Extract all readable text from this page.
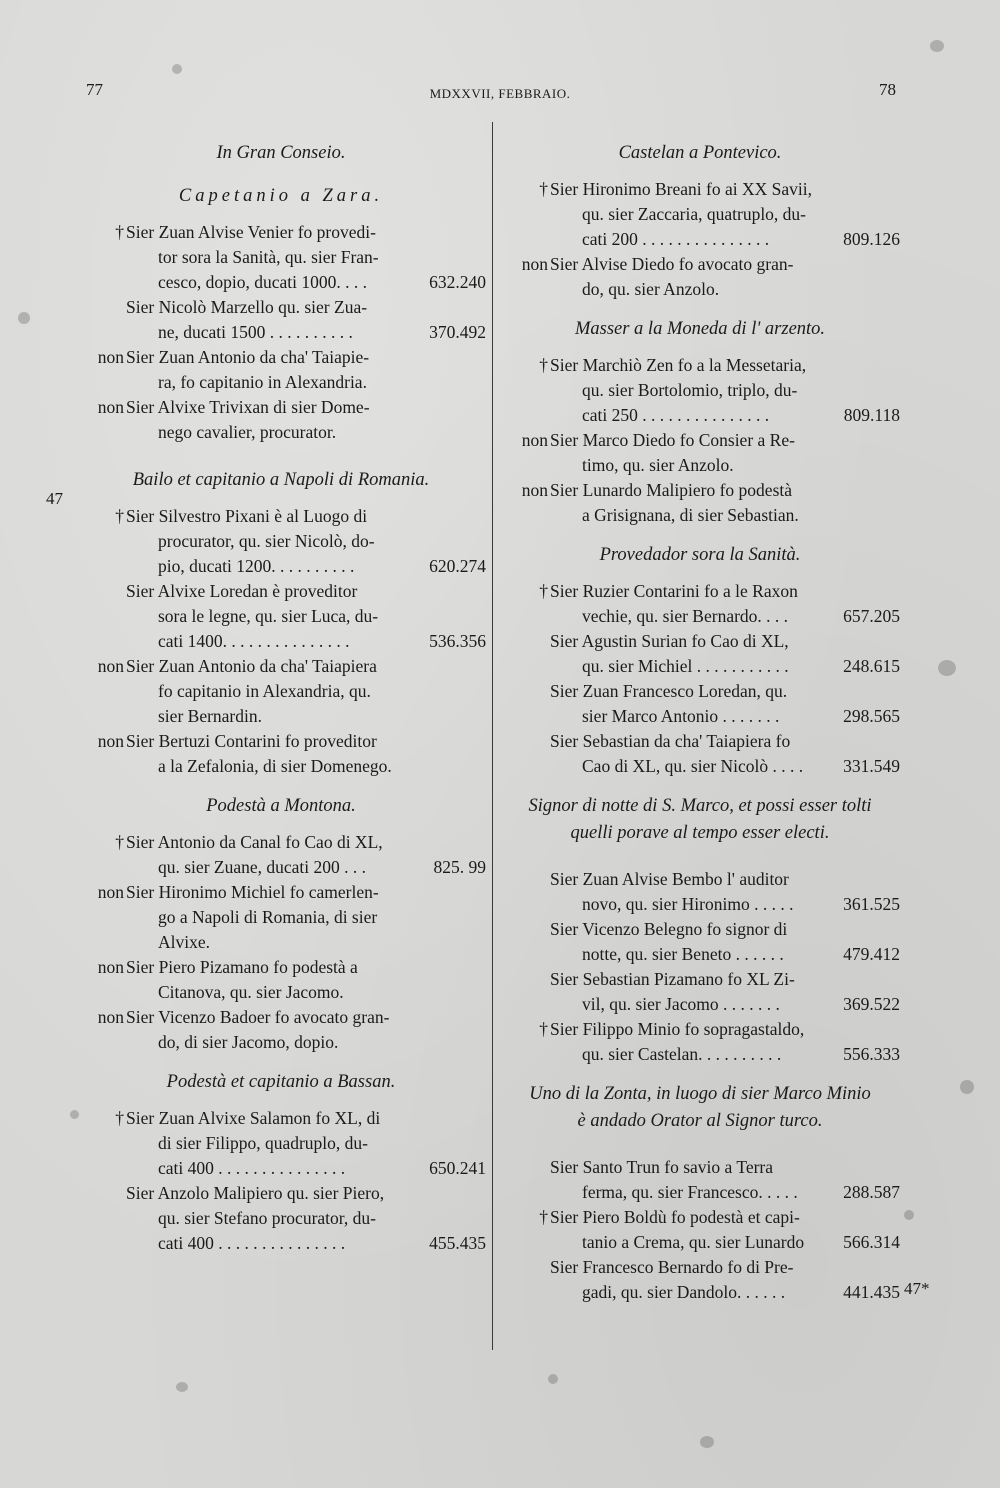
77	MDXXVII, FEBBRAIO.	78
47
47*
In Gran Conseio.
Capetanio a Zara.
† Sier Zuan Alvise Venier fo provedi-
tor sora la Sanità, qu. sier Fran-
cesco, dopio, ducati 1000. . . .	632.240
Sier Nicolò Marzello qu. sier Zua-
ne, ducati 1500 . . . . . . . . . .	370.492
non Sier Zuan Antonio da cha' Taiapie-
ra, fo capitanio in Alexandria.
non Sier Alvixe Trivixan di sier Dome-
nego cavalier, procurator.
Bailo et capitanio a Napoli di Romania.
† Sier Silvestro Pixani è al Luogo di
procurator, qu. sier Nicolò, do-
pio, ducati 1200. . . . . . . . . .	620.274
Sier Alvixe Loredan è proveditor
sora le legne, qu. sier Luca, du-
cati 1400. . . . . . . . . . . . . . .	536.356
non Sier Zuan Antonio da cha' Taiapiera
fo capitanio in Alexandria, qu.
sier Bernardin.
non Sier Bertuzi Contarini fo proveditor
a la Zefalonia, di sier Domenego.
Podestà a Montona.
† Sier Antonio da Canal fo Cao di XL,
qu. sier Zuane, ducati 200 . . .	825. 99
non Sier Hironimo Michiel fo camerlen-
go a Napoli di Romania, di sier
Alvixe.
non Sier Piero Pizamano fo podestà a
Citanova, qu. sier Jacomo.
non Sier Vicenzo Badoer fo avocato gran-
do, di sier Jacomo, dopio.
Podestà et capitanio a Bassan.
† Sier Zuan Alvixe Salamon fo XL, di
di sier Filippo, quadruplo, du-
cati 400 . . . . . . . . . . . . . . .	650.241
Sier Anzolo Malipiero qu. sier Piero,
qu. sier Stefano procurator, du-
cati 400 . . . . . . . . . . . . . . .	455.435
Castelan a Pontevico.
† Sier Hironimo Breani fo ai XX Savii,
qu. sier Zaccaria, quatruplo, du-
cati 200 . . . . . . . . . . . . . . .	809.126
non Sier Alvise Diedo fo avocato gran-
do, qu. sier Anzolo.
Masser a la Moneda di l' arzento.
† Sier Marchiò Zen fo a la Messetaria,
qu. sier Bortolomio, triplo, du-
cati 250 . . . . . . . . . . . . . . .	809.118
non Sier Marco Diedo fo Consier a Re-
timo, qu. sier Anzolo.
non Sier Lunardo Malipiero fo podestà
a Grisignana, di sier Sebastian.
Provedador sora la Sanità.
† Sier Ruzier Contarini fo a le Raxon
vechie, qu. sier Bernardo. . . .	657.205
Sier Agustin Surian fo Cao di XL,
qu. sier Michiel . . . . . . . . . . .	248.615
Sier Zuan Francesco Loredan, qu.
sier Marco Antonio . . . . . . .	298.565
Sier Sebastian da cha' Taiapiera fo
Cao di XL, qu. sier Nicolò . . . .	331.549
Signor di notte di S. Marco, et possi esser tolti
quelli porave al tempo esser electi.
Sier Zuan Alvise Bembo l' auditor
novo, qu. sier Hironimo . . . . .	361.525
Sier Vicenzo Belegno fo signor di
notte, qu. sier Beneto . . . . . .	479.412
Sier Sebastian Pizamano fo XL Zi-
vil, qu. sier Jacomo . . . . . . .	369.522
† Sier Filippo Minio fo sopragastaldo,
qu. sier Castelan. . . . . . . . . .	556.333
Uno di la Zonta, in luogo di sier Marco Minio
è andado Orator al Signor turco.
Sier Santo Trun fo savio a Terra
ferma, qu. sier Francesco. . . . .	288.587
† Sier Piero Boldù fo podestà et capi-
tanio a Crema, qu. sier Lunardo	566.314
Sier Francesco Bernardo fo di Pre-
gadi, qu. sier Dandolo. . . . . .	441.435
